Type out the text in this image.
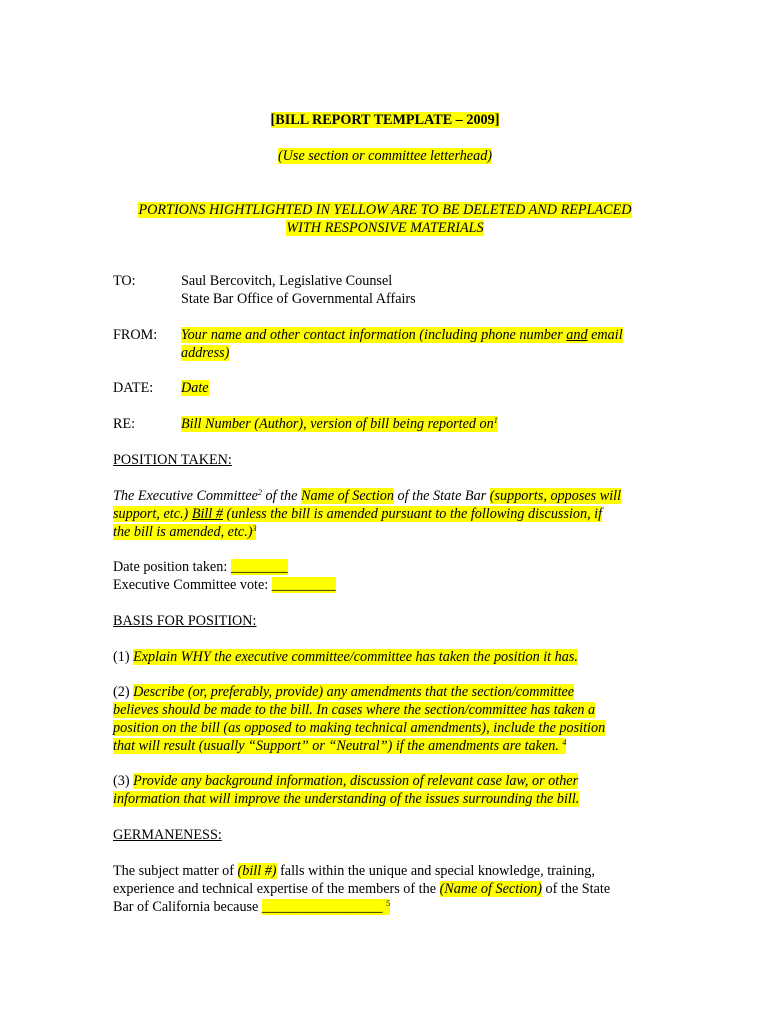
[BILL REPORT TEMPLATE – 2009]
(Use section or committee letterhead)
PORTIONS HIGHTLIGHTED IN YELLOW ARE TO BE DELETED AND REPLACED
WITH RESPONSIVE MATERIALS
TO:	Saul Bercovitch, Legislative Counsel
State Bar Office of Governmental Affairs
FROM: Your name and other contact information (including phone number and email
address)
DATE: Date
RE:	Bill Number (Author), version of bill being reported $on^1$
POSITION TAKEN:
The Executive Committee$^2$ of the Name of Section of the State Bar (supports, opposes will
support, etc.) Bill # (unless the bill is amended pursuant to the following discussion, if
the bill is amended, etc.)$^3$
Date position taken: ________
Executive Committee vote: _________
BASIS FOR POSITION:
(1) Explain WHY the executive committee/committee has taken the position it has.
(2) Describe (or, preferably, provide) any amendments that the section/committee
believes should be made to the bill. In cases where the section/committee has taken a
position on the bill (as opposed to making technical amendments), include the position
that will result (usually “Support” or “Neutral”) if the amendments are taken. $^4$
(3) Provide any background information, discussion of relevant case law, or other
information that will improve the understanding of the issues surrounding the bill.
GERMANENESS:
The subject matter of (bill #) falls within the unique and special knowledge, training,
experience and technical expertise of the members of the (Name of Section) of the State
Bar of California because _________________ $^5$
